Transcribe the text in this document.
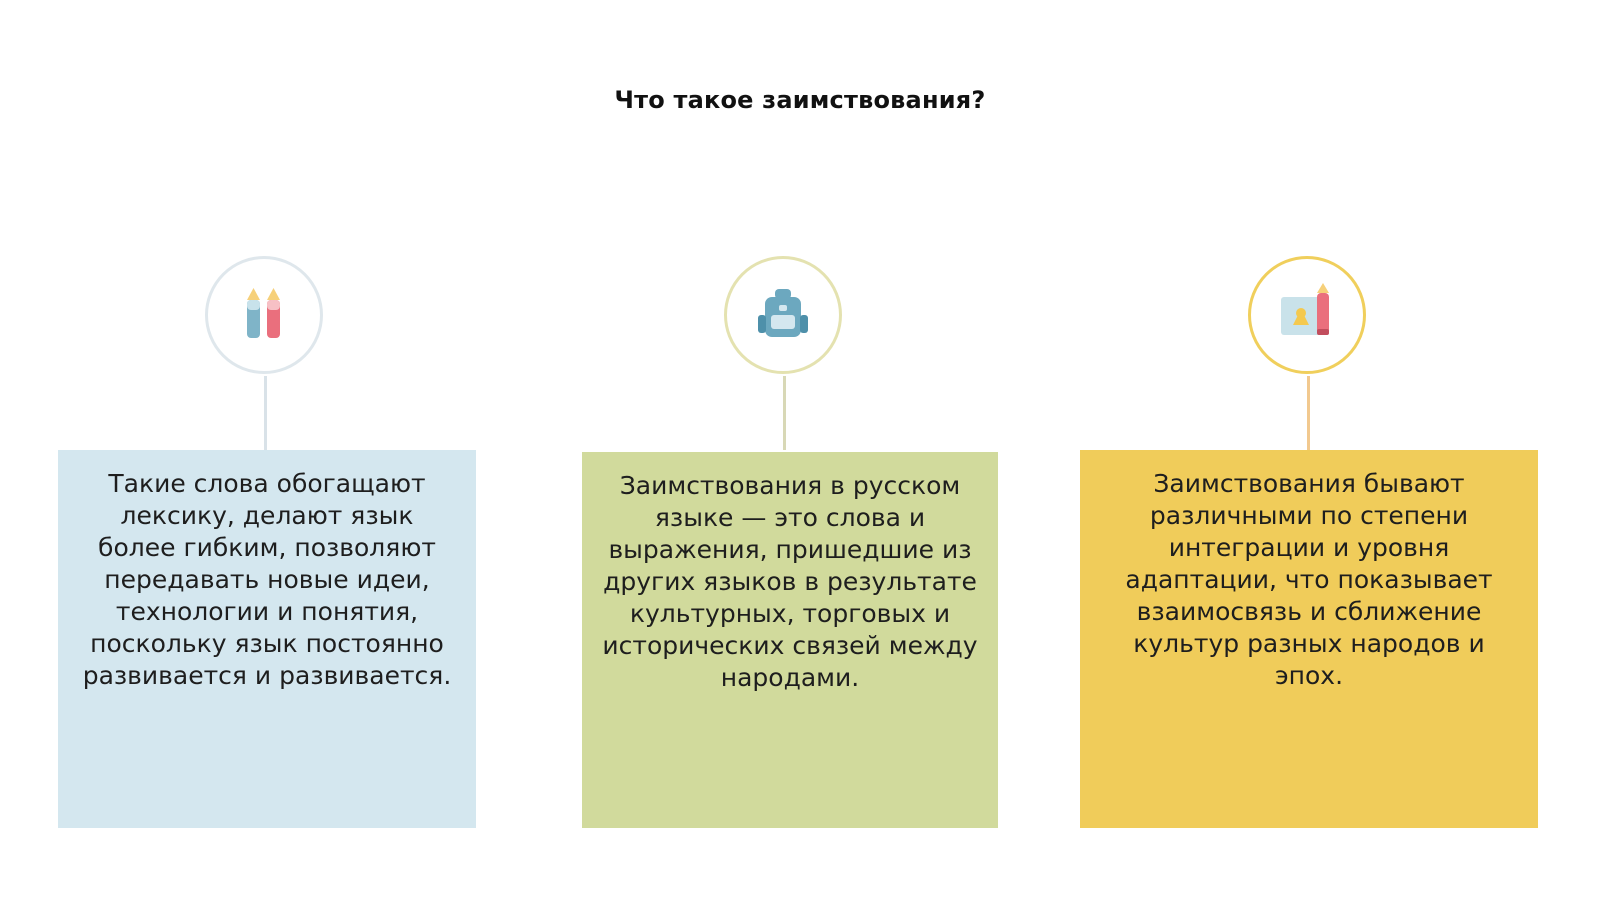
Что такое заимствования?
Такие слова обогащают лексику, делают язык более гибким, позволяют передавать новые идеи, технологии и понятия, поскольку язык постоянно развивается и развивается.
Заимствования в русском языке — это слова и выражения, пришедшие из других языков в результате культурных, торговых и исторических связей между народами.
Заимствования бывают различными по степени интеграции и уровня адаптации, что показывает взаимосвязь и сближение культур разных народов и эпох.
